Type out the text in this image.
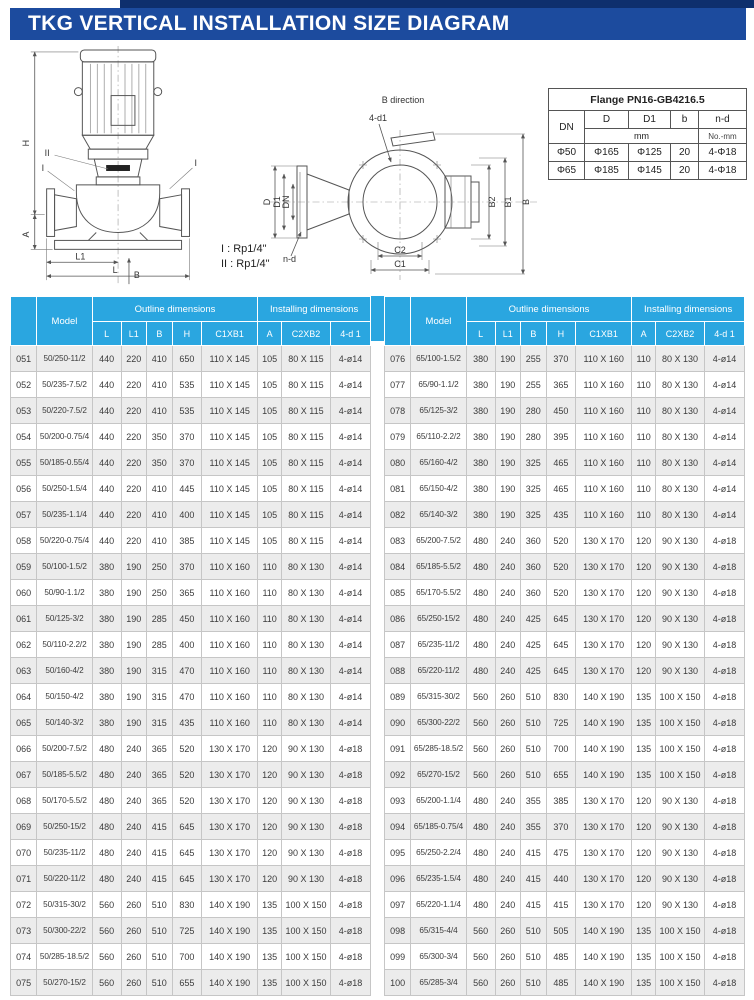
TKG VERTICAL INSTALLATION SIZE DIAGRAM
H
A
L1
L B
II
I	I
B direction
D D1 DN
4-d1
n-d
C2
C1
B2 B1 B
I : Rp1/4"
II : Rp1/4"
Flange PN16-GB4216.5				
DN	D	D1	b	n-d
	mm			No.-mm
Φ50	Φ165	Φ125	20	4-Φ18
Φ65	Φ185	Φ145	20	4-Φ18
	Model	Outline dimensions					Installing dimensions		
		L	L1	B	H	C1XB1	A	C2XB2	4-d 1
051	50/250-11/2	440	220	410	650	110 X 145	105	80 X 115	4-ø14
052	50/235-7.5/2	440	220	410	535	110 X 145	105	80 X 115	4-ø14
053	50/220-7.5/2	440	220	410	535	110 X 145	105	80 X 115	4-ø14
054	50/200-0.75/4	440	220	350	370	110 X 145	105	80 X 115	4-ø14
055	50/185-0.55/4	440	220	350	370	110 X 145	105	80 X 115	4-ø14
056	50/250-1.5/4	440	220	410	445	110 X 145	105	80 X 115	4-ø14
057	50/235-1.1/4	440	220	410	400	110 X 145	105	80 X 115	4-ø14
058	50/220-0.75/4	440	220	410	385	110 X 145	105	80 X 115	4-ø14
059	50/100-1.5/2	380	190	250	370	110 X 160	110	80 X 130	4-ø14
060	50/90-1.1/2	380	190	250	365	110 X 160	110	80 X 130	4-ø14
061	50/125-3/2	380	190	285	450	110 X 160	110	80 X 130	4-ø14
062	50/110-2.2/2	380	190	285	400	110 X 160	110	80 X 130	4-ø14
063	50/160-4/2	380	190	315	470	110 X 160	110	80 X 130	4-ø14
064	50/150-4/2	380	190	315	470	110 X 160	110	80 X 130	4-ø14
065	50/140-3/2	380	190	315	435	110 X 160	110	80 X 130	4-ø14
066	50/200-7.5/2	480	240	365	520	130 X 170	120	90 X 130	4-ø18
067	50/185-5.5/2	480	240	365	520	130 X 170	120	90 X 130	4-ø18
068	50/170-5.5/2	480	240	365	520	130 X 170	120	90 X 130	4-ø18
069	50/250-15/2	480	240	415	645	130 X 170	120	90 X 130	4-ø18
070	50/235-11/2	480	240	415	645	130 X 170	120	90 X 130	4-ø18
071	50/220-11/2	480	240	415	645	130 X 170	120	90 X 130	4-ø18
072	50/315-30/2	560	260	510	830	140 X 190	135	100 X 150	4-ø18
073	50/300-22/2	560	260	510	725	140 X 190	135	100 X 150	4-ø18
074	50/285-18.5/2	560	260	510	700	140 X 190	135	100 X 150	4-ø18
075	50/270-15/2	560	260	510	655	140 X 190	135	100 X 150	4-ø18
	Model	Outline dimensions					Installing dimensions		
		L	L1	B	H	C1XB1	A	C2XB2	4-d 1
076	65/100-1.5/2	380	190	255	370	110 X 160	110	80 X 130	4-ø14
077	65/90-1.1/2	380	190	255	365	110 X 160	110	80 X 130	4-ø14
078	65/125-3/2	380	190	280	450	110 X 160	110	80 X 130	4-ø14
079	65/110-2.2/2	380	190	280	395	110 X 160	110	80 X 130	4-ø14
080	65/160-4/2	380	190	325	465	110 X 160	110	80 X 130	4-ø14
081	65/150-4/2	380	190	325	465	110 X 160	110	80 X 130	4-ø14
082	65/140-3/2	380	190	325	435	110 X 160	110	80 X 130	4-ø14
083	65/200-7.5/2	480	240	360	520	130 X 170	120	90 X 130	4-ø18
084	65/185-5.5/2	480	240	360	520	130 X 170	120	90 X 130	4-ø18
085	65/170-5.5/2	480	240	360	520	130 X 170	120	90 X 130	4-ø18
086	65/250-15/2	480	240	425	645	130 X 170	120	90 X 130	4-ø18
087	65/235-11/2	480	240	425	645	130 X 170	120	90 X 130	4-ø18
088	65/220-11/2	480	240	425	645	130 X 170	120	90 X 130	4-ø18
089	65/315-30/2	560	260	510	830	140 X 190	135	100 X 150	4-ø18
090	65/300-22/2	560	260	510	725	140 X 190	135	100 X 150	4-ø18
091	65/285-18.5/2	560	260	510	700	140 X 190	135	100 X 150	4-ø18
092	65/270-15/2	560	260	510	655	140 X 190	135	100 X 150	4-ø18
093	65/200-1.1/4	480	240	355	385	130 X 170	120	90 X 130	4-ø18
094	65/185-0.75/4	480	240	355	370	130 X 170	120	90 X 130	4-ø18
095	65/250-2.2/4	480	240	415	475	130 X 170	120	90 X 130	4-ø18
096	65/235-1.5/4	480	240	415	440	130 X 170	120	90 X 130	4-ø18
097	65/220-1.1/4	480	240	415	415	130 X 170	120	90 X 130	4-ø18
098	65/315-4/4	560	260	510	505	140 X 190	135	100 X 150	4-ø18
099	65/300-3/4	560	260	510	485	140 X 190	135	100 X 150	4-ø18
100	65/285-3/4	560	260	510	485	140 X 190	135	100 X 150	4-ø18
